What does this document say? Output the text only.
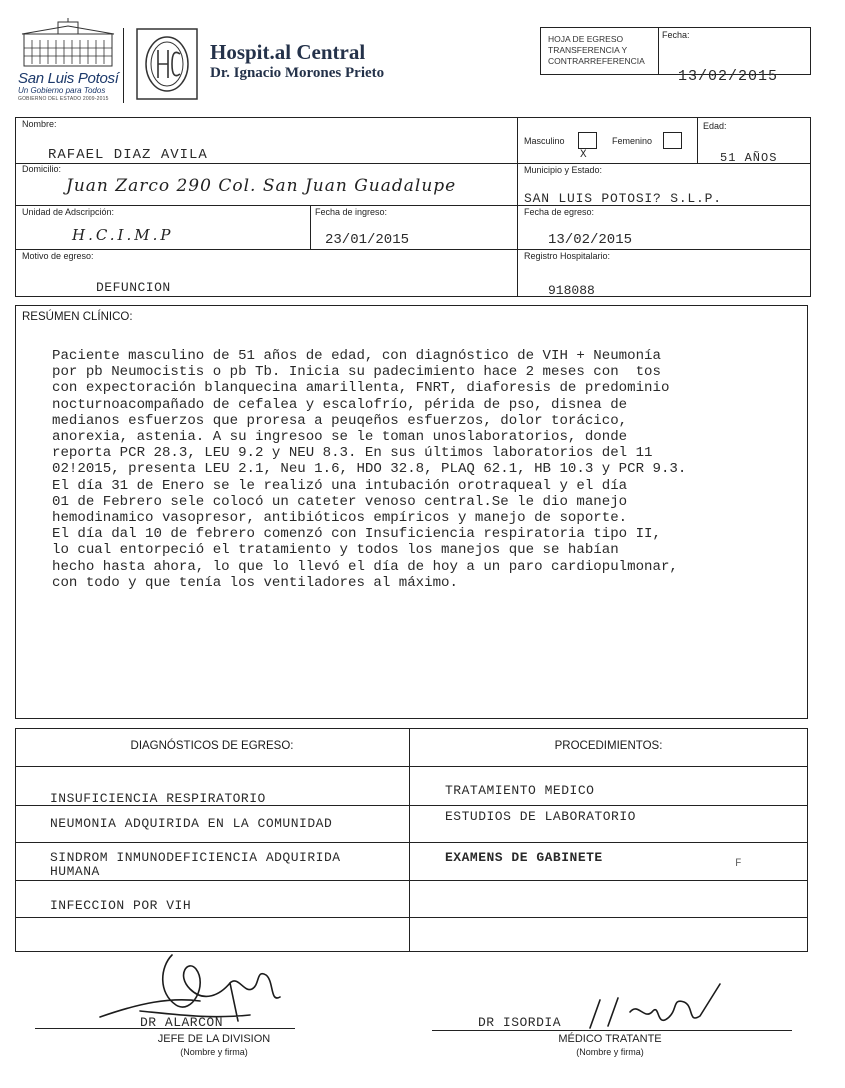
San Luis Potosí
Un Gobierno para Todos
GOBIERNO DEL ESTADO 2009-2015
Hospit.al Central
Dr. Ignacio Morones Prieto
HOJA DE EGRESO TRANSFERENCIA Y CONTRARREFERENCIA
Fecha:
13/02/2015
Nombre:
RAFAEL DIAZ AVILA
Masculino
X
Femenino
Edad:
51 AÑOS
Domicilio:
Juan Zarco 290 Col. San Juan Guadalupe
Municipio y Estado:
SAN LUIS POTOSI? S.L.P.
Unidad de Adscripción:
H.C.I.M.P
Fecha de ingreso:
23/01/2015
Fecha de egreso:
13/02/2015
Motivo de egreso:
DEFUNCION
Registro Hospitalario:
918088
RESÚMEN CLÍNICO:
Paciente masculino de 51 años de edad, con diagnóstico de VIH + Neumonía
por pb Neumocistis o pb Tb. Inicia su padecimiento hace 2 meses con  tos
con expectoración blanquecina amarillenta, FNRT, diaforesis de predominio
nocturnoacompañado de cefalea y escalofrío, périda de pso, disnea de
medianos esfuerzos que proresa a peuqeños esfuerzos, dolor torácico,
anorexia, astenia. A su ingresoo se le toman unoslaboratorios, donde
reporta PCR 28.3, LEU 9.2 y NEU 8.3. En sus últimos laboratorios del 11
02!2015, presenta LEU 2.1, Neu 1.6, HDO 32.8, PLAQ 62.1, HB 10.3 y PCR 9.3.
El día 31 de Enero se le realizó una intubación orotraqueal y el día
01 de Febrero sele colocó un cateter venoso central.Se le dio manejo
hemodinamico vasopresor, antibióticos empíricos y manejo de soporte.
El día dal 10 de febrero comenzó con Insuficiencia respiratoria tipo II,
lo cual entorpeció el tratamiento y todos los manejos que se habían
hecho hasta ahora, lo que lo llevó el día de hoy a un paro cardiopulmonar,
con todo y que tenía los ventiladores al máximo.
DIAGNÓSTICOS DE EGRESO:	PROCEDIMIENTOS:
INSUFICIENCIA RESPIRATORIO
NEUMONIA ADQUIRIDA EN LA COMUNIDAD
SINDROM INMUNODEFICIENCIA ADQUIRIDA
HUMANA
INFECCION POR VIH
TRATAMIENTO MEDICO
ESTUDIOS DE LABORATORIO
EXAMENS DE GABINETE	F
DR ALARCON
JEFE DE LA DIVISION
(Nombre y firma)
DR ISORDIA
MÉDICO TRATANTE
(Nombre y firma)
